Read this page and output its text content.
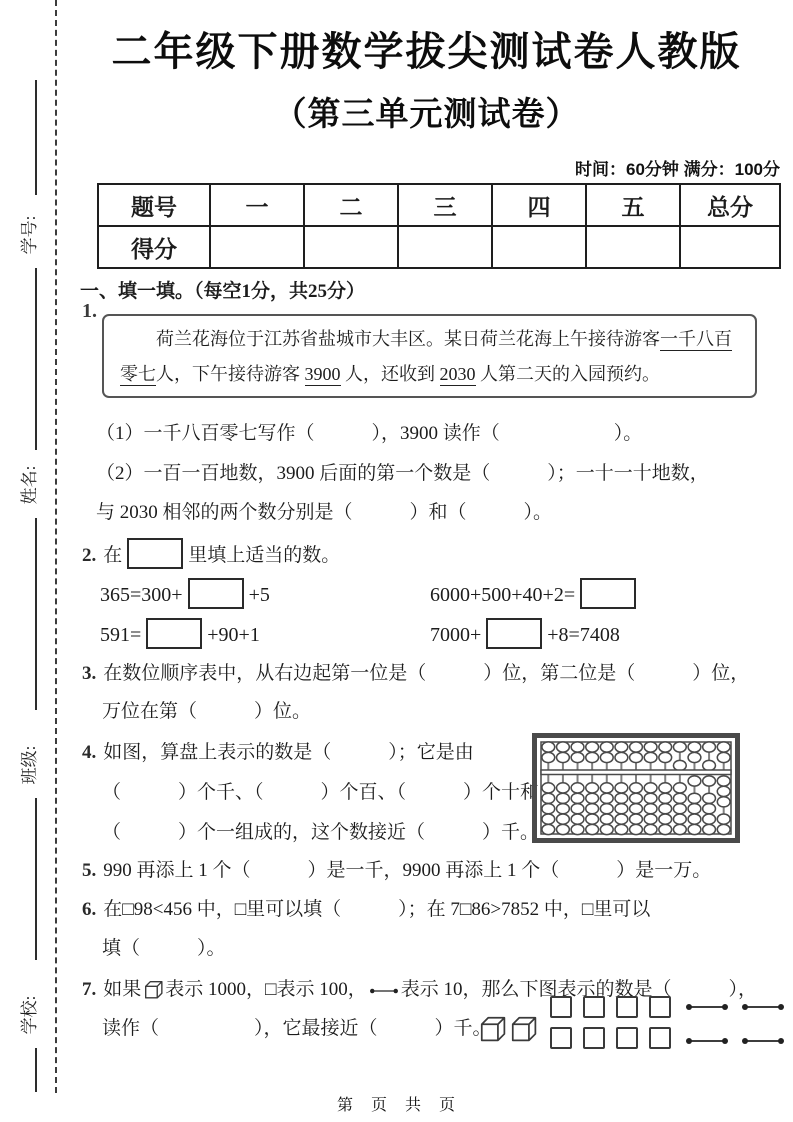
学号:
姓名:
班级:
学校:
二年级下册数学拔尖测试卷人教版
（第三单元测试卷）
时间：60分钟 满分：100分
题号	一	二	三	四	五	总分
得分						
一、填一填。（每空1分，共25分）
1.
荷兰花海位于江苏省盐城市大丰区。某日荷兰花海上午接待游客一千八百
零七人，下午接待游客 3900 人，还收到 2030 人第二天的入园预约。
（1）一千八百零七写作（　　　），3900 读作（　　　　　　）。
（2）一百一百地数，3900 后面的第一个数是（　　　）；一十一十地数，
与 2030 相邻的两个数分别是（　　　）和（　　　）。
2. 在	里填上适当的数。
365=300+	+5	6000+500+40+2=
591=	+90+1	7000+	+8=7408
3. 在数位顺序表中，从右边起第一位是（　　　）位，第二位是（　　　）位，
万位在第（　　　）位。
4. 如图，算盘上表示的数是（　　　）；它是由
（　　　）个千、（　　　）个百、（　　　）个十和
（　　　）个一组成的，这个数接近（　　　）千。
5. 990 再添上 1 个（　　　）是一千，9900 再添上 1 个（　　　）是一万。
6. 在□98<456 中，□里可以填（　　　）；在 7□86>7852 中，□里可以
填（　　　）。
7. 如果 表示 1000，□表示 100， 表示 10，那么下图表示的数是（　　　），
读作（　　　　　），它最接近（　　　）千。
第　页　共　页
